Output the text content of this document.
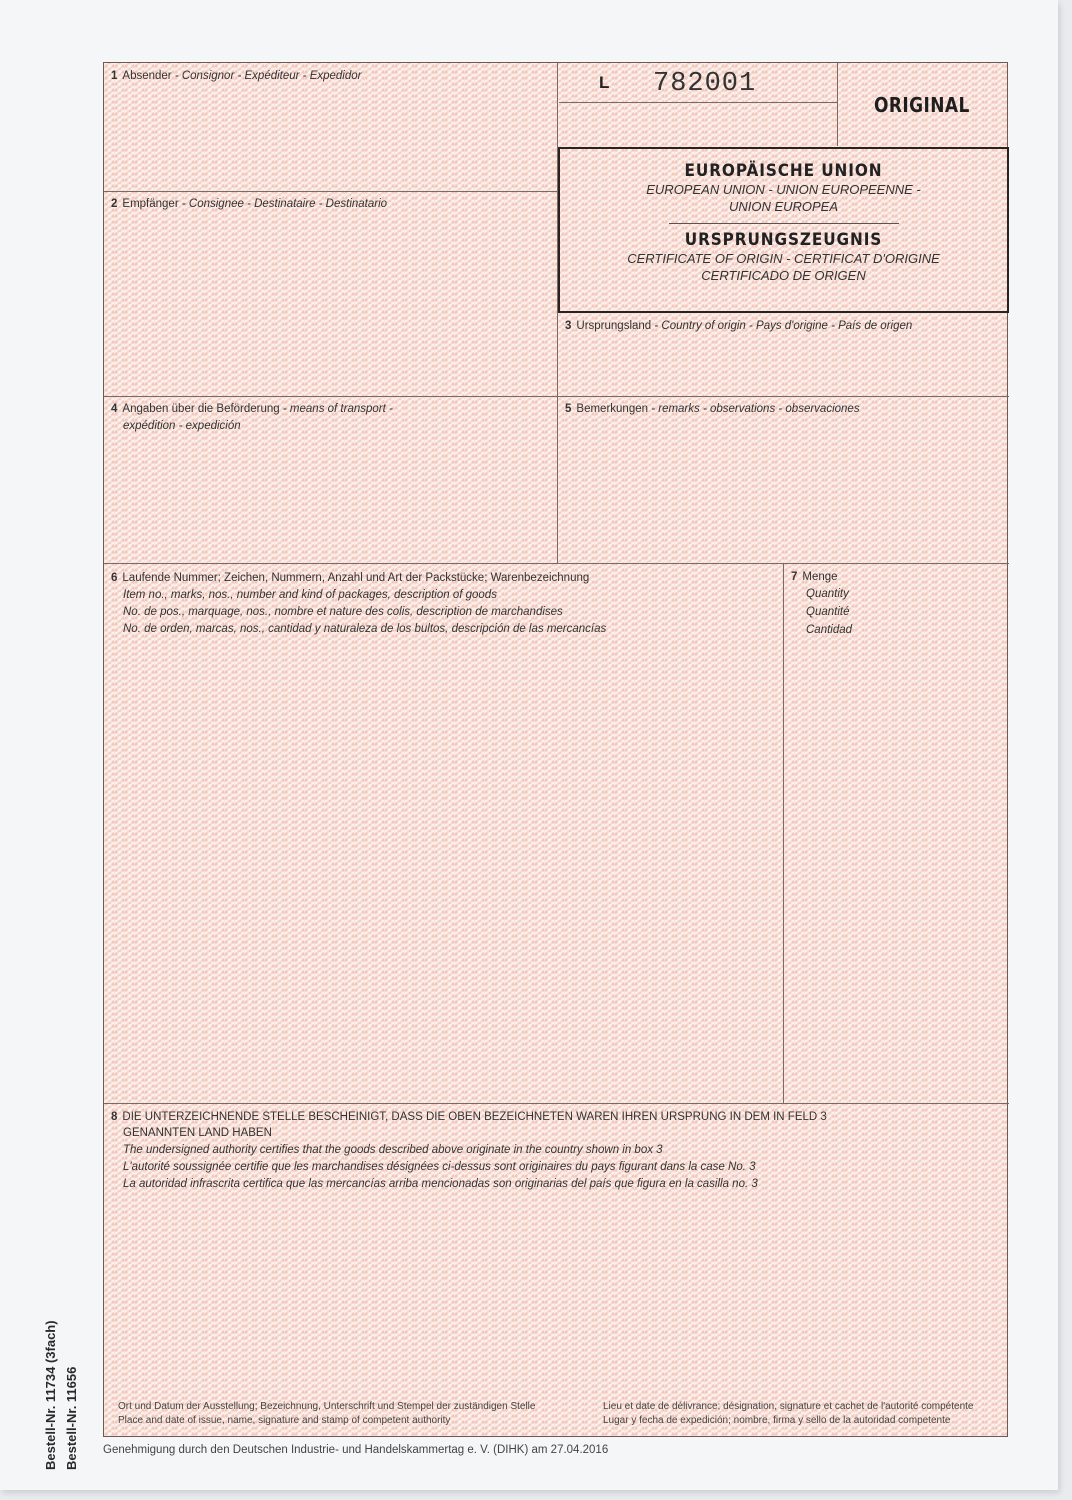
1 Absender - Consignor - Expéditeur - Expedidor	L 782001
ORIGINAL
EUROPÄISCHE UNION
EUROPEAN UNION - UNION EUROPEENNE -
UNION EUROPEA
URSPRUNGSZEUGNIS
CERTIFICATE OF ORIGIN - CERTIFICAT D'ORIGINE
CERTIFICADO DE ORIGEN
2 Empfänger - Consignee - Destinataire - Destinatario
3 Ursprungsland - Country of origin - Pays d'origine - País de origen
4 Angaben über die Beförderung - means of transport -
expédition - expedición
5 Bemerkungen - remarks - observations - observaciones
6 Laufende Nummer; Zeichen, Nummern, Anzahl und Art der Packstücke; Warenbezeichnung
Item no., marks, nos., number and kind of packages, description of goods
No. de pos., marquage, nos., nombre et nature des colis, description de marchandises
No. de orden, marcas, nos., cantidad y naturaleza de los bultos, descripción de las mercancías
7 Menge
Quantity
Quantité
Cantidad
8 DIE UNTERZEICHNENDE STELLE BESCHEINIGT, DASS DIE OBEN BEZEICHNETEN WAREN IHREN URSPRUNG IN DEM IN FELD 3
GENANNTEN LAND HABEN
The undersigned authority certifies that the goods described above originate in the country shown in box 3
L'autorité soussignée certifie que les marchandises désignées ci-dessus sont originaires du pays figurant dans la case No. 3
La autoridad infrascrita certifica que las mercancías arriba mencionadas son originarias del país que figura en la casilla no. 3
Ort und Datum der Ausstellung; Bezeichnung, Unterschrift und Stempel der zuständigen Stelle
Place and date of issue, name, signature and stamp of competent authority
Lieu et date de délivrance; désignation, signature et cachet de l'autorité compétente
Lugar y fecha de expedición; nombre, firma y sello de la autoridad competente
Bestell-Nr. 11734 (3fach) Bestell-Nr. 11656 Genehmigung durch den Deutschen Industrie- und Handelskammertag e. V. (DIHK) am 27.04.2016
